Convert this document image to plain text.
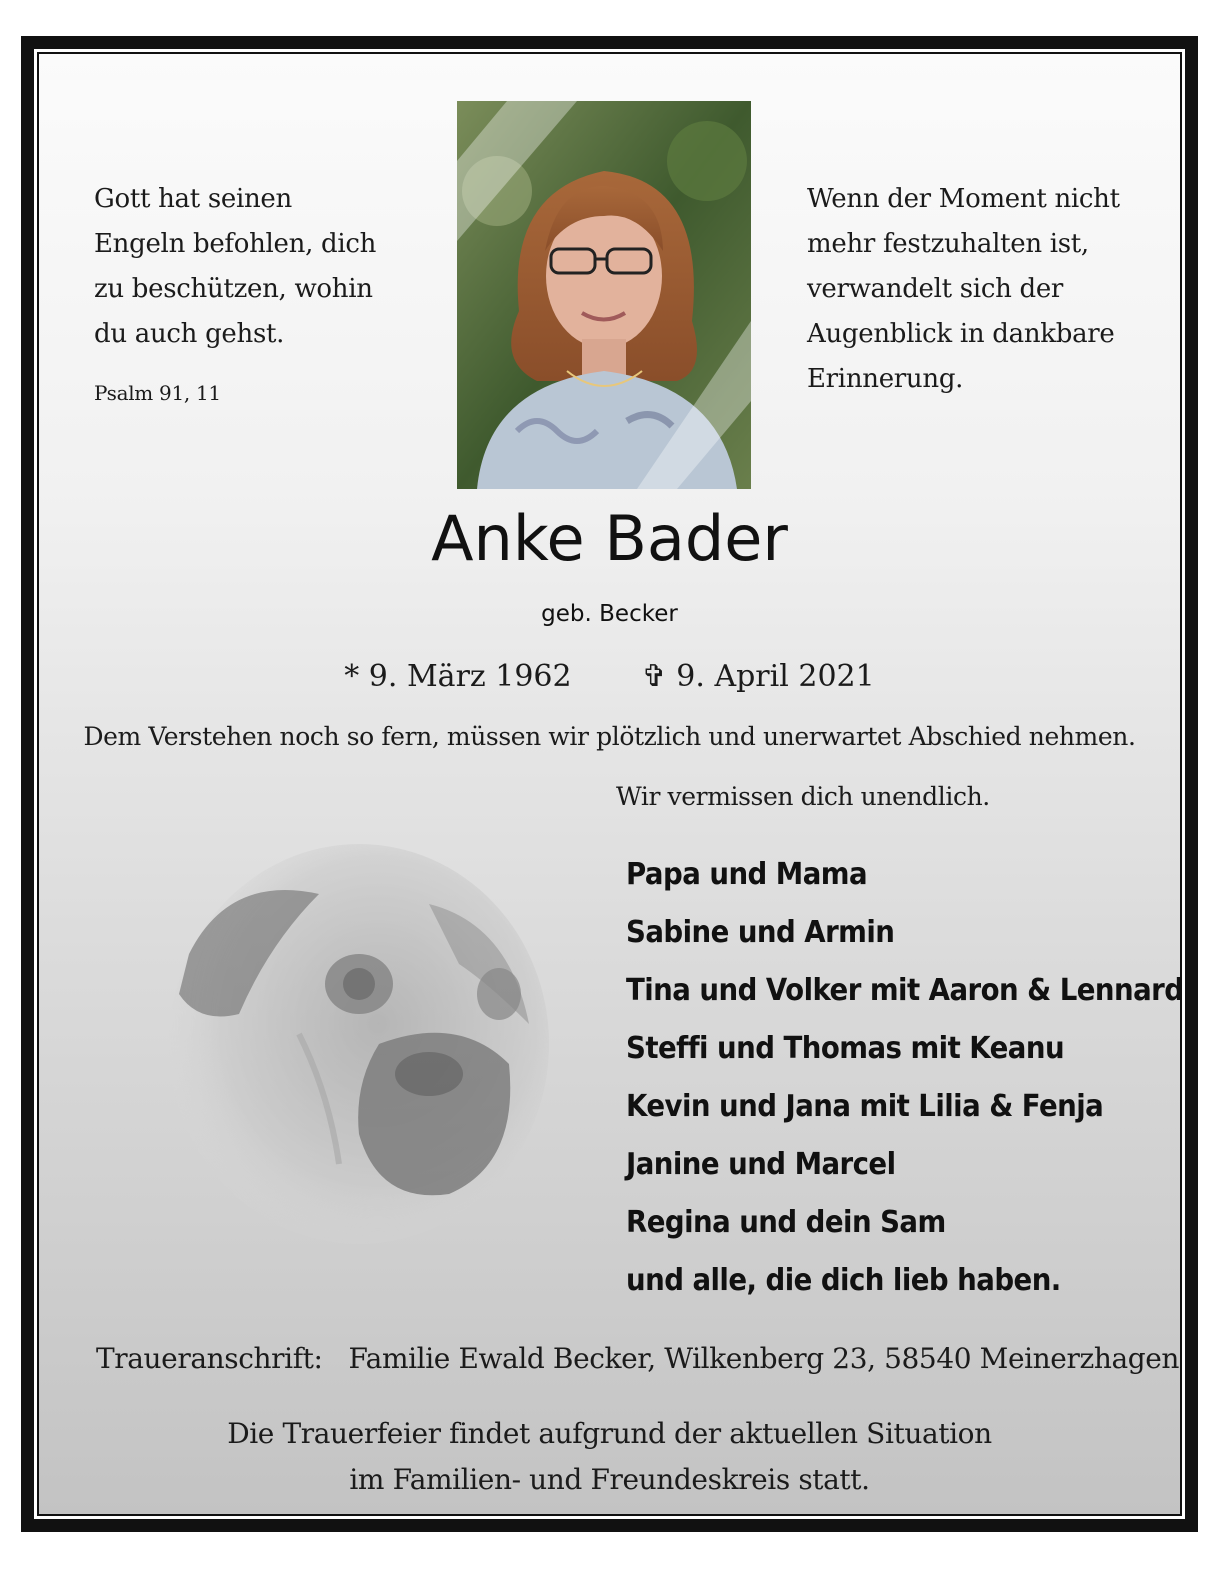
Gott hat seinen
Engeln befohlen, dich
zu beschützen, wohin
du auch gehst.
Psalm 91, 11
Wenn der Moment nicht
mehr festzuhalten ist,
verwandelt sich der
Augenblick in dankbare
Erinnerung.
Anke Bader
geb. Becker
* 9. März 1962 ✞ 9. April 2021
Dem Verstehen noch so fern, müssen wir plötzlich und unerwartet Abschied nehmen.
Wir vermissen dich unendlich.
Papa und Mama
Sabine und Armin
Tina und Volker mit Aaron & Lennard
Steffi und Thomas mit Keanu
Kevin und Jana mit Lilia & Fenja
Janine und Marcel
Regina und dein Sam
und alle, die dich lieb haben.
Traueranschrift: Familie Ewald Becker, Wilkenberg 23, 58540 Meinerzhagen
Die Trauerfeier findet aufgrund der aktuellen Situation
im Familien- und Freundeskreis statt.
